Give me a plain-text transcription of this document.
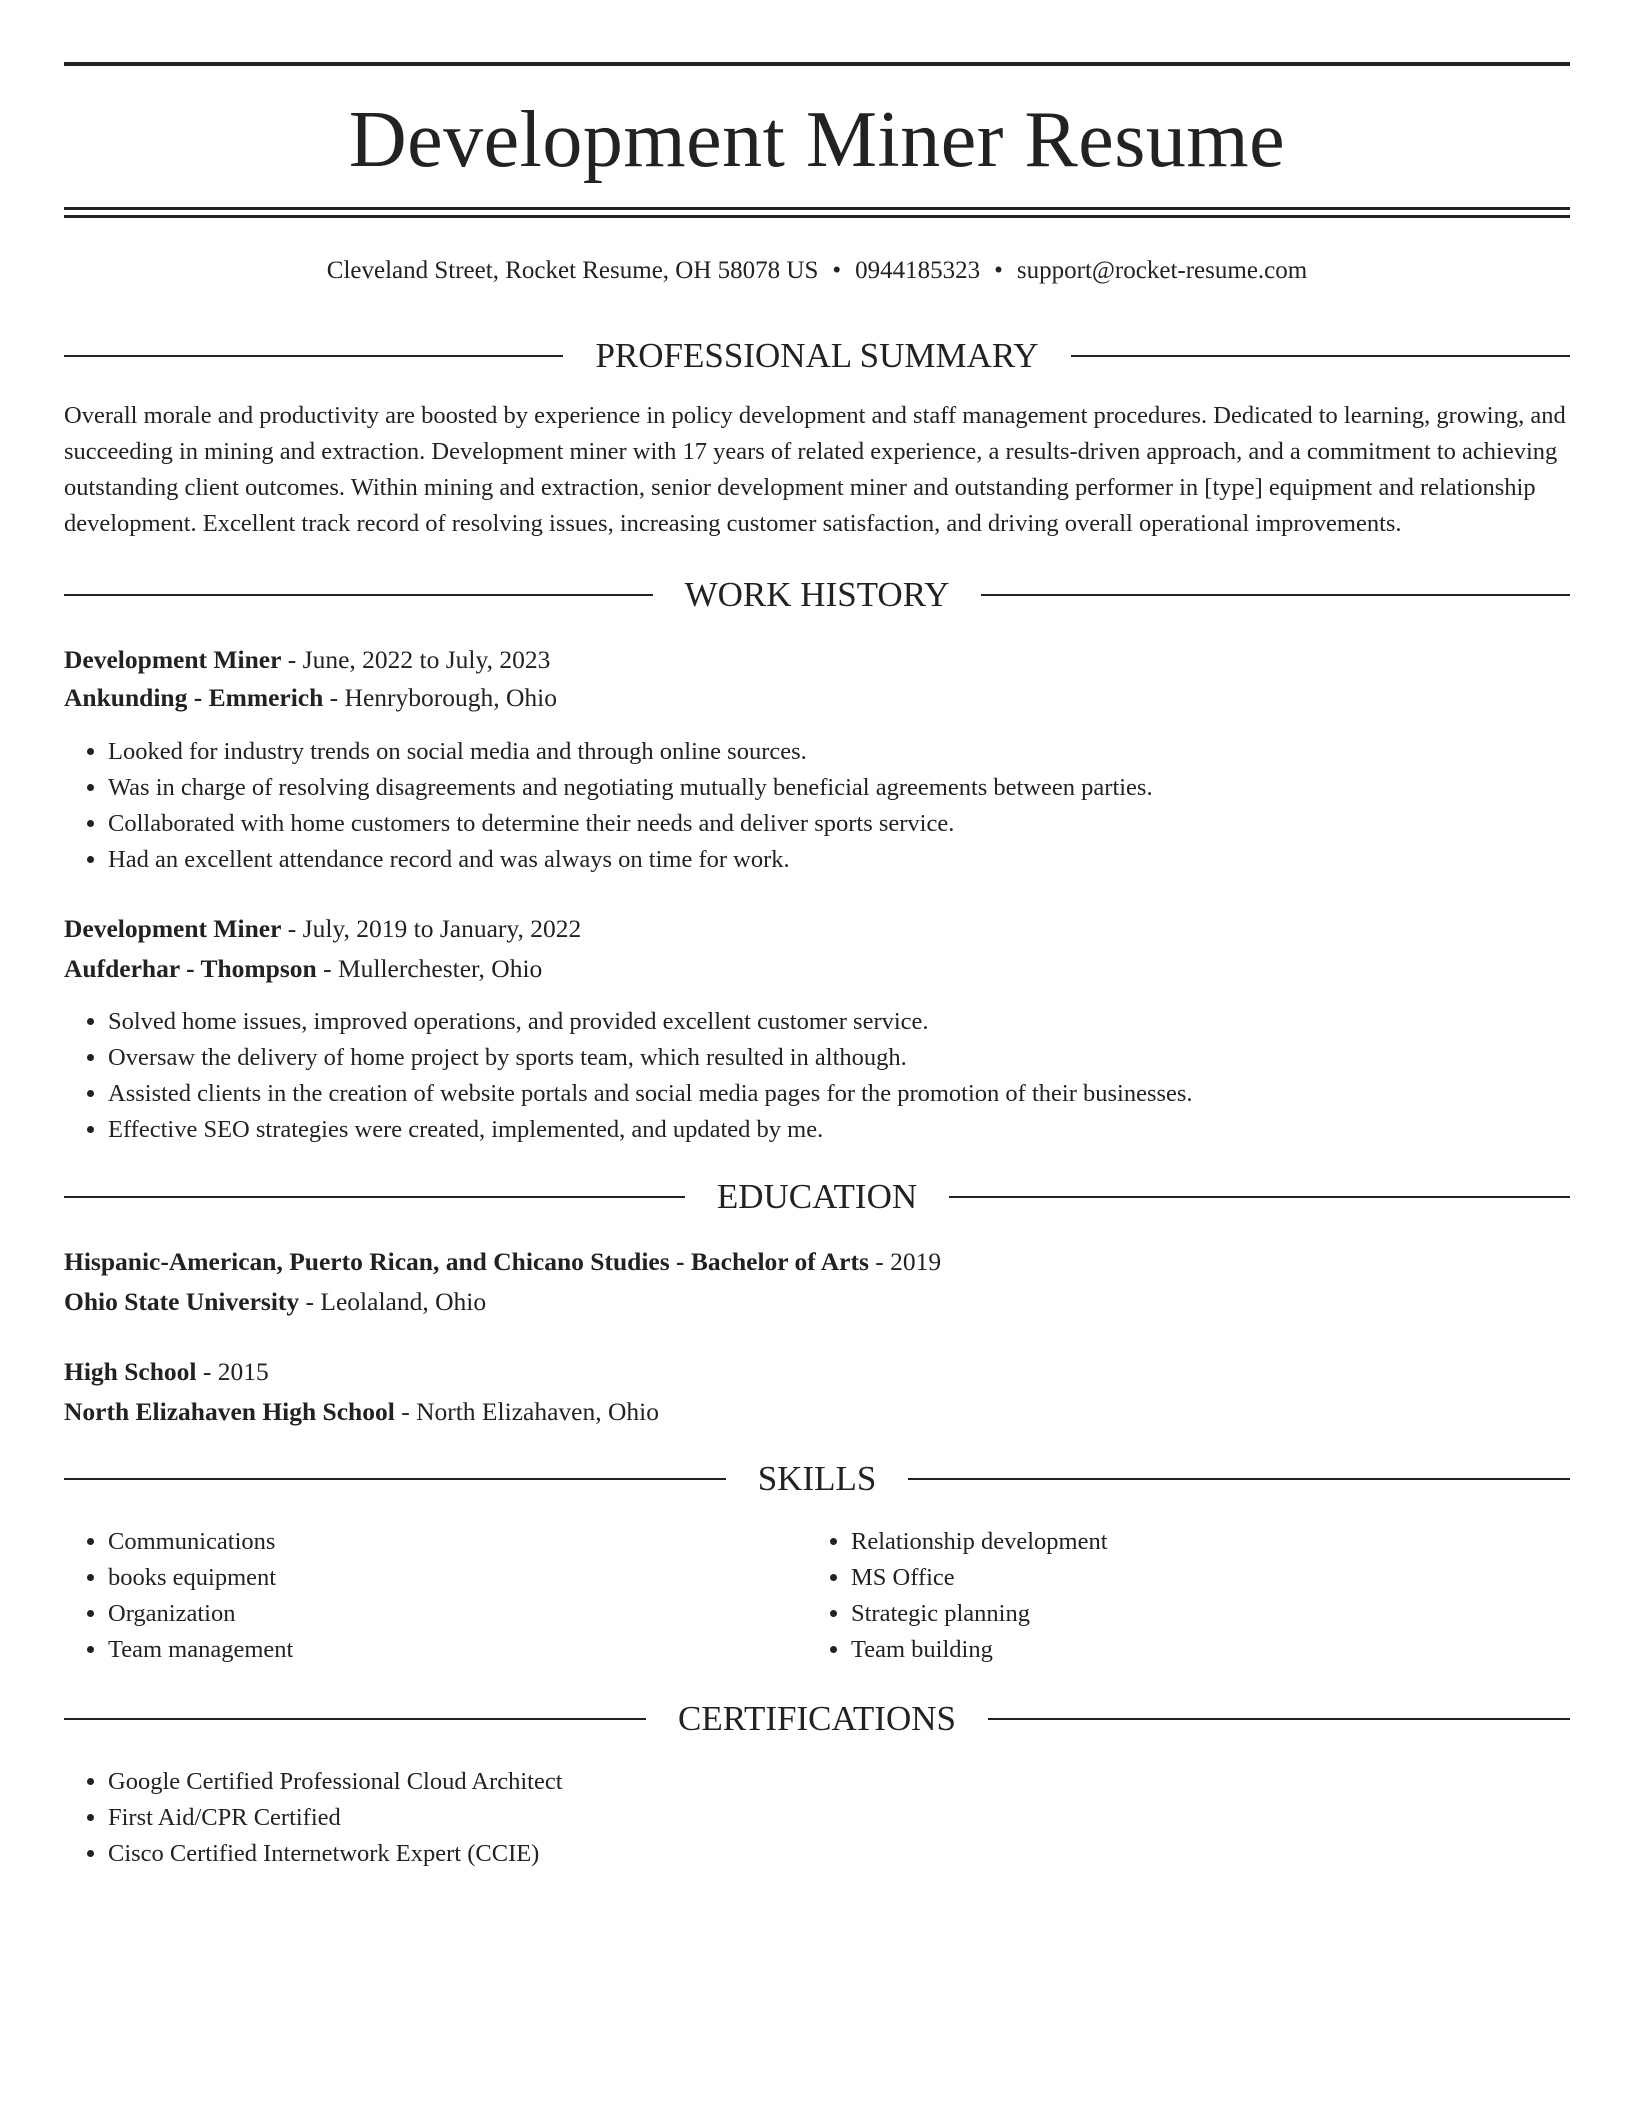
Development Miner Resume
Cleveland Street, Rocket Resume, OH 58078 US • 0944185323 • support@rocket-resume.com
PROFESSIONAL SUMMARY

Overall morale and productivity are boosted by experience in policy development and staff management procedures. Dedicated to learning, growing, and succeeding in mining and extraction. Development miner with 17 years of related experience, a results-driven approach, and a commitment to achieving outstanding client outcomes. Within mining and extraction, senior development miner and outstanding performer in [type] equipment and relationship development. Excellent track record of resolving issues, increasing customer satisfaction, and driving overall operational improvements.

WORK HISTORY
Development Miner - June, 2022 to July, 2023
Ankunding - Emmerich - Henryborough, Ohio
• Looked for industry trends on social media and through online sources.
• Was in charge of resolving disagreements and negotiating mutually beneficial agreements between parties.
• Collaborated with home customers to determine their needs and deliver sports service.
• Had an excellent attendance record and was always on time for work.
Development Miner - July, 2019 to January, 2022
Aufderhar - Thompson - Mullerchester, Ohio
• Solved home issues, improved operations, and provided excellent customer service.
• Oversaw the delivery of home project by sports team, which resulted in although.
• Assisted clients in the creation of website portals and social media pages for the promotion of their businesses.
• Effective SEO strategies were created, implemented, and updated by me.
EDUCATION
Hispanic-American, Puerto Rican, and Chicano Studies - Bachelor of Arts - 2019
Ohio State University - Leolaland, Ohio
High School - 2015
North Elizahaven High School - North Elizahaven, Ohio
SKILLS
• Communications
• books equipment
• Organization
• Team management
• Relationship development
• MS Office
• Strategic planning
• Team building
CERTIFICATIONS
• Google Certified Professional Cloud Architect
• First Aid/CPR Certified
• Cisco Certified Internetwork Expert (CCIE)
